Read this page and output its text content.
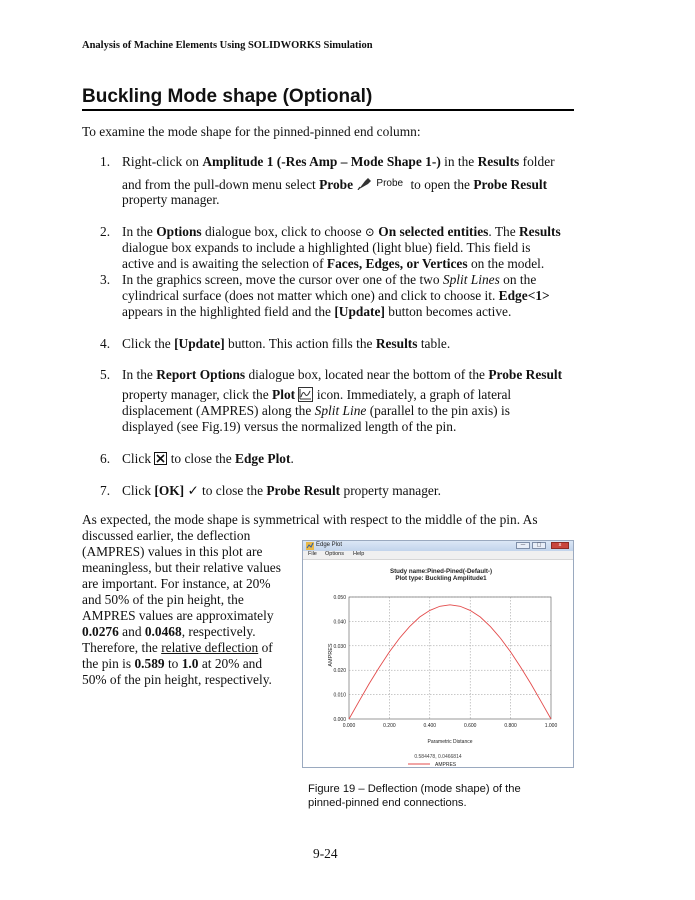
Analysis of Machine Elements Using SOLIDWORKS Simulation
Buckling Mode shape (Optional)
To examine the mode shape for the pinned-pinned end column:
1. Right-click on Amplitude 1 (-Res Amp – Mode Shape 1-) in the Results folder
and from the pull-down menu select Probe $^{Probe}$ to open the Probe Result
property manager.
2. In the Options dialogue box, click to choose ⊙ On selected entities. The Results
dialogue box expands to include a highlighted (light blue) field. This field is
active and is awaiting the selection of Faces, Edges, or Vertices on the model.
3. In the graphics screen, move the cursor over one of the two Split Lines on the
cylindrical surface (does not matter which one) and click to choose it. Edge<1>
appears in the highlighted field and the [Update] button becomes active.
4. Click the [Update] button. This action fills the Results table.
5. In the Report Options dialogue box, located near the bottom of the Probe Result
property manager, click the Plot  icon. Immediately, a graph of lateral
displacement (AMPRES) along the Split Line (parallel to the pin axis) is
displayed (see Fig.19) versus the normalized length of the pin.
6. Click  to close the Edge Plot.
7. Click [OK] ✓ to close the Probe Result property manager.
As expected, the mode shape is symmetrical with respect to the middle of the pin. As
discussed earlier, the deflection
(AMPRES) values in this plot are
meaningless, but their relative values
are important. For instance, at 20%
and 50% of the pin height, the
AMPRES values are approximately
0.0276 and 0.0468, respectively.
Therefore, the relative deflection of
the pin is 0.589 to 1.0 at 20% and
50% of the pin height, respectively.
Edge Plot	—	□	x
File Options Help
Study name:Pined-Pined(-Default-)
Plot type: Buckling Amplitude1
0.000
0.010
0.020
0.030
0.040
0.050
0.000	0.200	0.400	0.600	0.800	1.000
AMPRES
Parametric Distance
AMPRES
0.584478, 0.0466814
Figure 19 – Deflection (mode shape) of the
pinned-pinned end connections.
9-24
